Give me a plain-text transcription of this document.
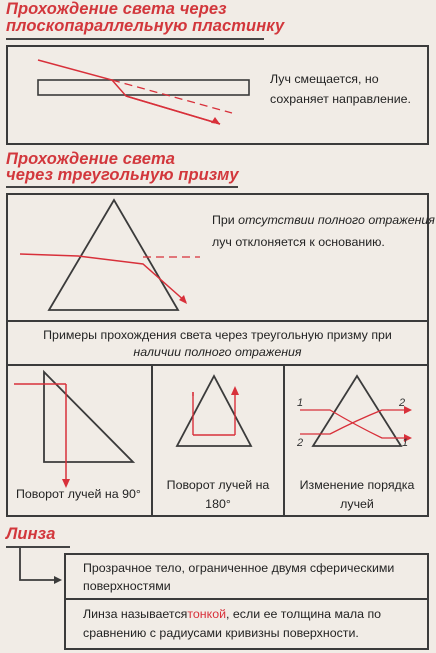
Прохождение света через
плоскопараллельную пластинку
Луч смещается, но
сохраняет направление.
Прохождение света
через треугольную призму
При отсутствии полного отражения
луч отклоняется к основанию.
Примеры прохождения света через треугольную призму при
наличии полного отражения
1	2
2	1
Поворот лучей на 90°
Поворот лучей на
180°
Изменение порядка
лучей
Линза
Прозрачное тело, ограниченное двумя сферическими
поверхностями
Линза называетсятонкой, если ее толщина мала по
сравнению с радиусами кривизны поверхности.
